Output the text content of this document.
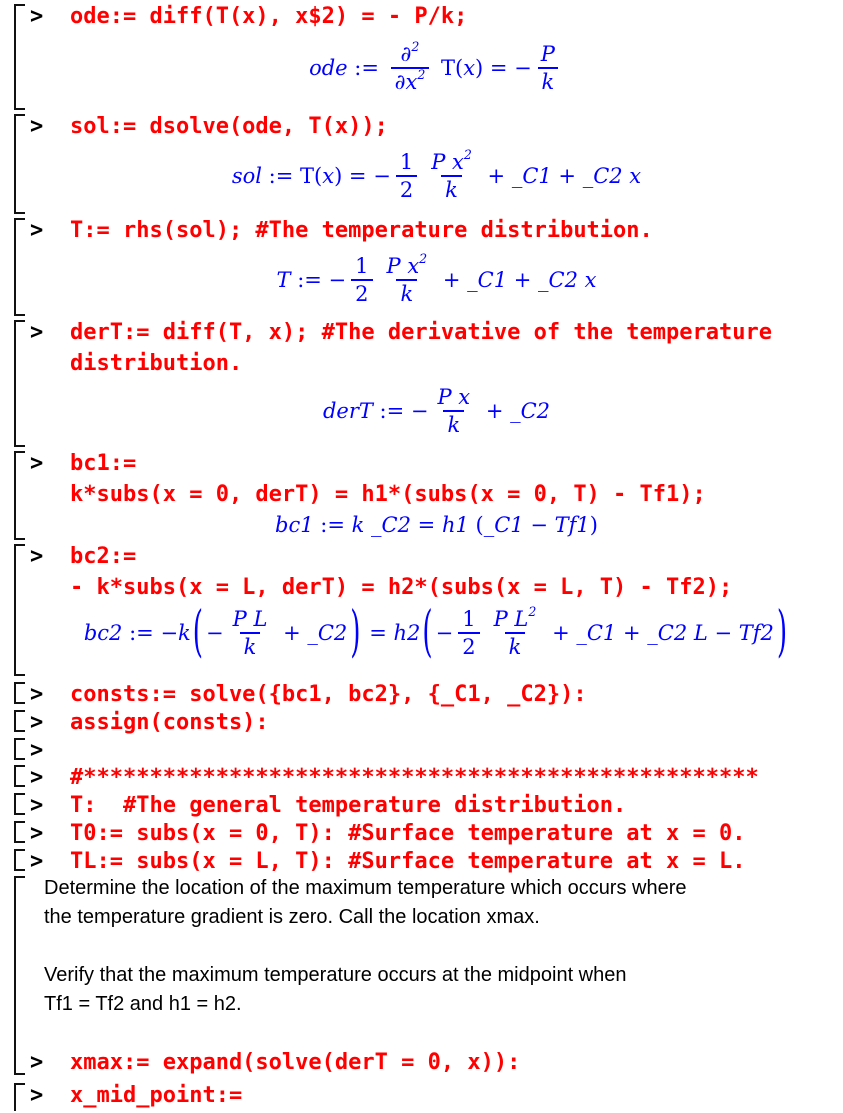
> ode:= diff(T(x), x$2) = - P/k;
ode := $\frac{\partial 2}{\partial x 2} T$( x ) = − $\frac{P}{k}$
> sol:= dsolve(ode, T(x));
sol := T( x ) = − $\frac{1}{2} \frac{\text{P x 2}}{k}$ + _C1 + _C2 x
> T:= rhs(sol); #The temperature distribution.
T := − $\frac{1}{2} \frac{\text{P x 2}}{k}$ + _C1 + _C2 x
> derT:= diff(T, x); #The derivative of the temperature
distribution.
derT := − $\frac{\text{P x}}{k}$ + _C2
> bc1:=
k*subs(x = 0, derT) = h1*(subs(x = 0, T) - Tf1);
bc1 := k _C2 = h1 ( _C1 − Tf1 )
> bc2:=
- k*subs(x = L, derT) = h2*(subs(x = L, T) - Tf2);
bc2 := − k ( − $\frac{\text{P L}}{k}$ + _C2 ) = h2 ( − $\frac{1}{2} \frac{\text{P L 2}}{k}$ + _C1 + _C2 L − Tf2 )
> consts:= solve({bc1, bc2}, {_C1, _C2}):
> assign(consts):
>
> #***************************************************
> T:  #The general temperature distribution.
> T0:= subs(x = 0, T): #Surface temperature at x = 0.
> TL:= subs(x = L, T): #Surface temperature at x = L.
Determine the location of the maximum temperature which occurs where
the temperature gradient is zero. Call the location xmax.
Verify that the maximum temperature occurs at the midpoint when
Tf1 = Tf2 and h1 = h2.
> xmax:= expand(solve(derT = 0, x)):
> x_mid_point:=
